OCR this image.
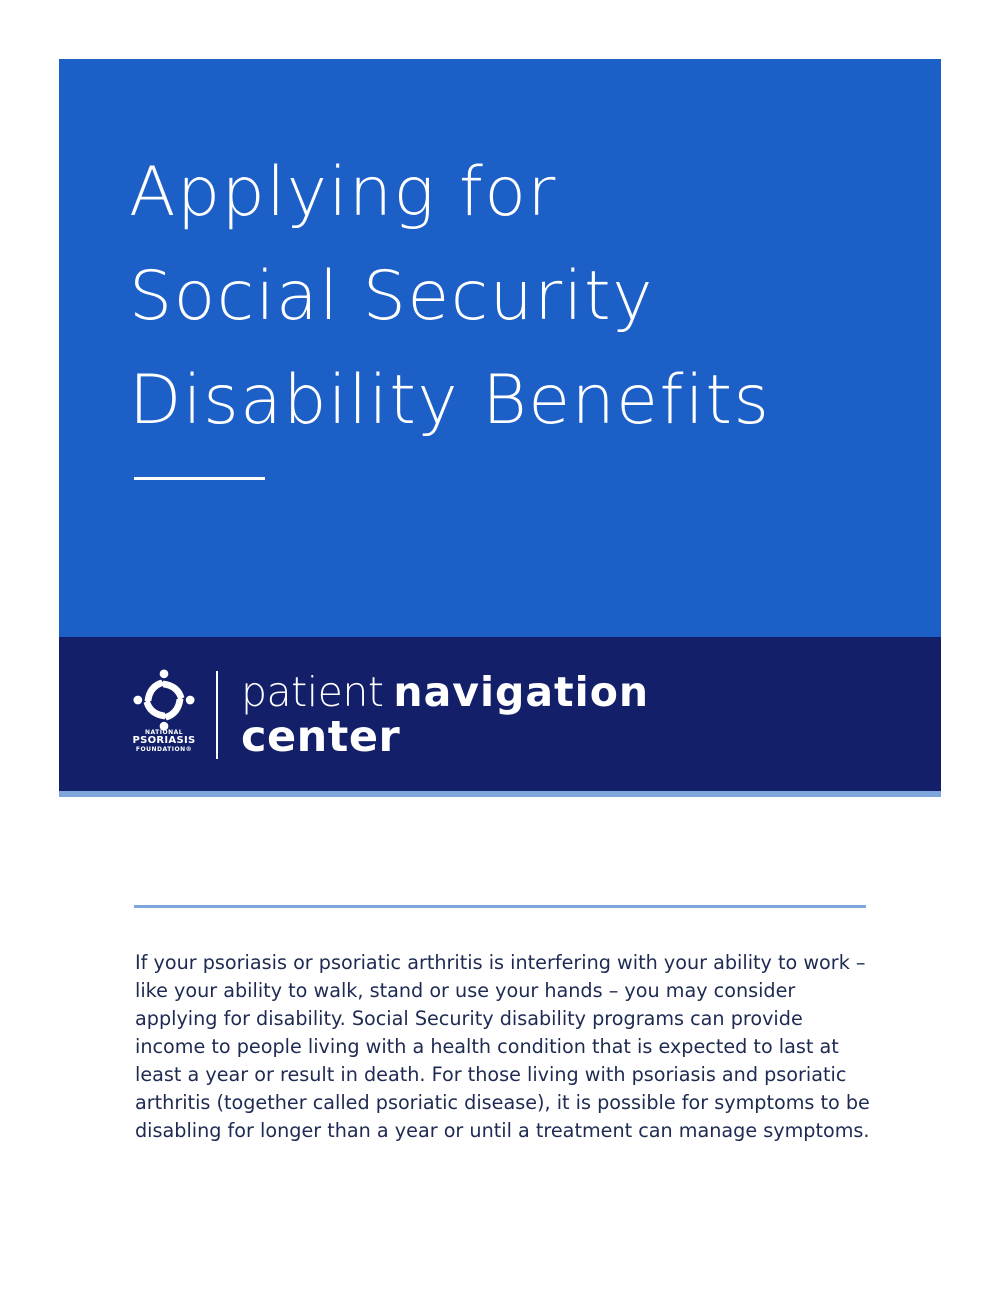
Applying for
Social Security
Disability Benefits
NATIONAL
PSORIASIS
FOUNDATION®
patient navigation
center

If your psoriasis or psoriatic arthritis is interfering with your ability to work – like your ability to walk, stand or use your hands – you may consider applying for disability. Social Security disability programs can provide income to people living with a health condition that is expected to last at least a year or result in death. For those living with psoriasis and psoriatic arthritis (together called psoriatic disease), it is possible for symptoms to be disabling for longer than a year or until a treatment can manage symptoms.
